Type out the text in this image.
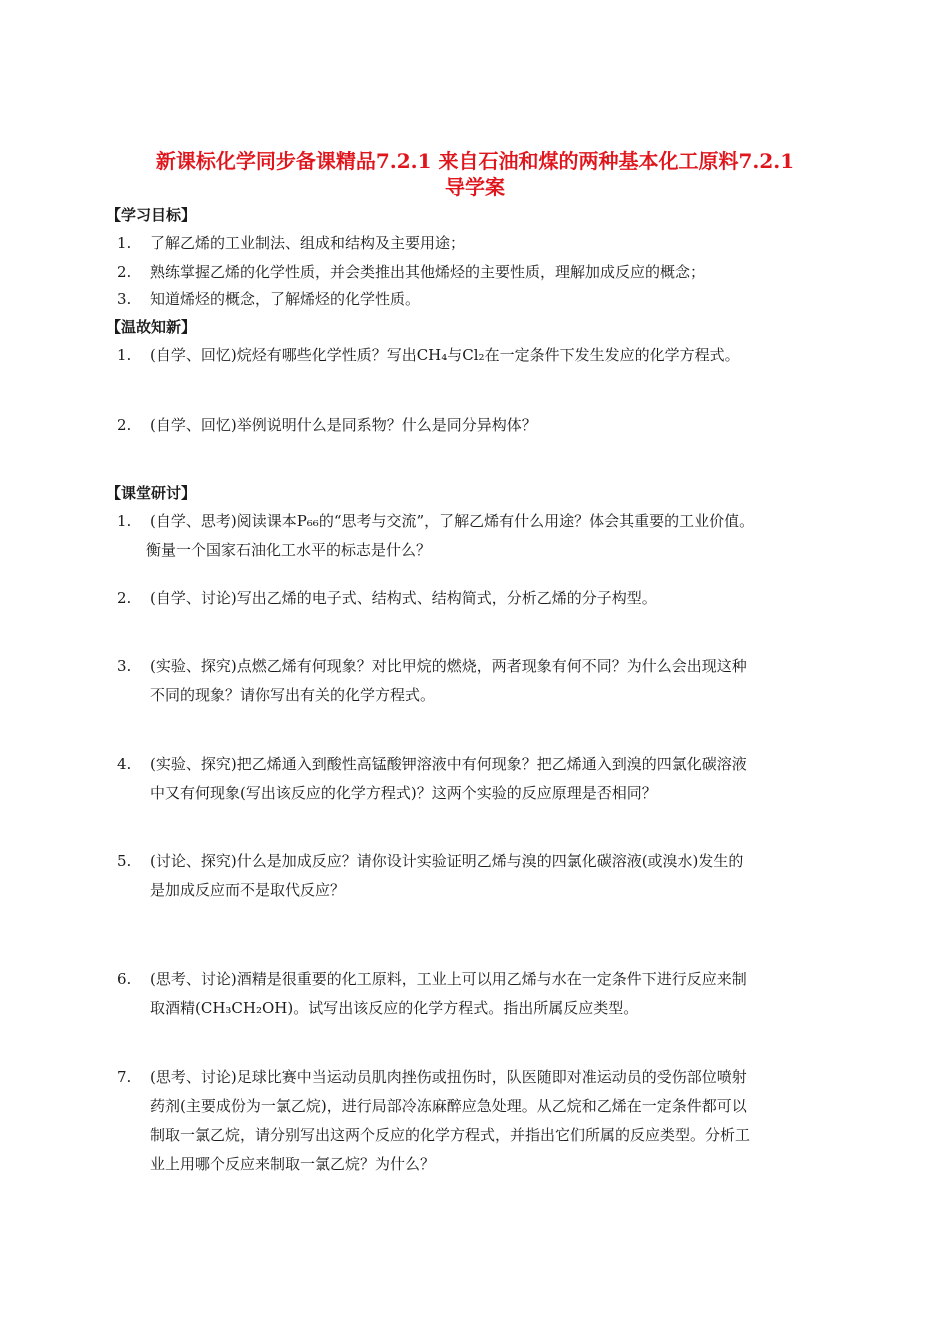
新课标化学同步备课精品7.2.1 来自石油和煤的两种基本化工原料7.2.1
导学案
【学习目标】
1. 了解乙烯的工业制法、组成和结构及主要用途；
2. 熟练掌握乙烯的化学性质，并会类推出其他烯烃的主要性质，理解加成反应的概念；
3. 知道烯烃的概念，了解烯烃的化学性质。
【温故知新】
1. (自学、回忆)烷烃有哪些化学性质？写出CH₄与Cl₂在一定条件下发生发应的化学方程式。
2. (自学、回忆)举例说明什么是同系物？什么是同分异构体？
【课堂研讨】
1. (自学、思考)阅读课本P₆₆的“思考与交流”，了解乙烯有什么用途？体会其重要的工业价值。
衡量一个国家石油化工水平的标志是什么？
2. (自学、讨论)写出乙烯的电子式、结构式、结构简式，分析乙烯的分子构型。
3. (实验、探究)点燃乙烯有何现象？对比甲烷的燃烧，两者现象有何不同？为什么会出现这种
不同的现象？请你写出有关的化学方程式。
4. (实验、探究)把乙烯通入到酸性高锰酸钾溶液中有何现象？把乙烯通入到溴的四氯化碳溶液
中又有何现象(写出该反应的化学方程式)？这两个实验的反应原理是否相同？
5. (讨论、探究)什么是加成反应？请你设计实验证明乙烯与溴的四氯化碳溶液(或溴水)发生的
是加成反应而不是取代反应？
6. (思考、讨论)酒精是很重要的化工原料，工业上可以用乙烯与水在一定条件下进行反应来制
取酒精(CH₃CH₂OH)。试写出该反应的化学方程式。指出所属反应类型。
7. (思考、讨论)足球比赛中当运动员肌肉挫伤或扭伤时，队医随即对准运动员的受伤部位喷射
药剂(主要成份为一氯乙烷)，进行局部冷冻麻醉应急处理。从乙烷和乙烯在一定条件都可以
制取一氯乙烷，请分别写出这两个反应的化学方程式，并指出它们所属的反应类型。分析工
业上用哪个反应来制取一氯乙烷？为什么？
